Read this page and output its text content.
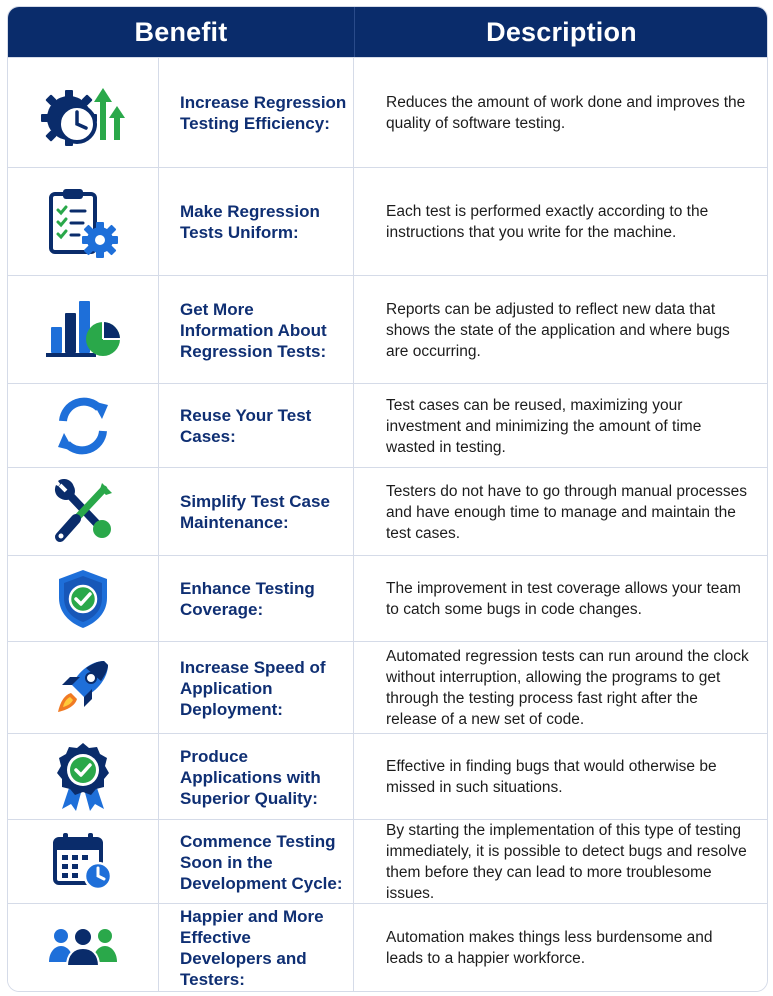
Benefit	Description
Increase Regression Testing Efficiency:
Reduces the amount of work done and improves the quality of software testing.
Make Regression Tests Uniform:
Each test is performed exactly according to the instructions that you write for the machine.
Get More Information About Regression Tests:
Reports can be adjusted to reflect new data that shows the state of the application and where bugs are occurring.
Reuse Your Test Cases:
Test cases can be reused, maximizing your investment and minimizing the amount of time wasted in testing.
Simplify Test Case Maintenance:
Testers do not have to go through manual processes and have enough time to manage and maintain the test cases.
Enhance Testing Coverage:
The improvement in test coverage allows your team to catch some bugs in code changes.
Increase Speed of Application Deployment:
Automated regression tests can run around the clock without interruption, allowing the programs to get through the testing process fast right after the release of a new set of code.
Produce Applications with Superior Quality:
Effective in finding bugs that would otherwise be missed in such situations.
Commence Testing Soon in the Development Cycle:
By starting the implementation of this type of testing immediately, it is possible to detect bugs and resolve them before they can lead to more troublesome issues.
Happier and More Effective Developers and Testers:
Automation makes things less burdensome and leads to a happier workforce.
